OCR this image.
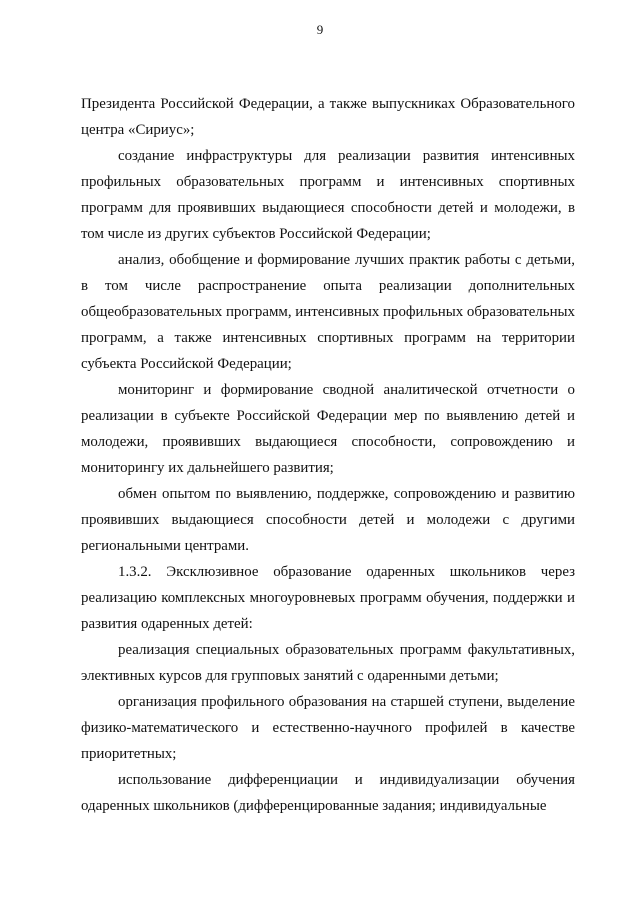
9

Президента Российской Федерации, а также выпускниках Образовательного центра «Сириус»;

создание инфраструктуры для реализации развития интенсивных профильных образовательных программ и интенсивных спортивных программ для проявивших выдающиеся способности детей и молодежи, в том числе из других субъектов Российской Федерации;

анализ, обобщение и формирование лучших практик работы с детьми, в том числе распространение опыта реализации дополнительных общеобразовательных программ, интенсивных профильных образовательных программ, а также интенсивных спортивных программ на территории субъекта Российской Федерации;

мониторинг и формирование сводной аналитической отчетности о реализации в субъекте Российской Федерации мер по выявлению детей и молодежи, проявивших выдающиеся способности, сопровождению и мониторингу их дальнейшего развития;

обмен опытом по выявлению, поддержке, сопровождению и развитию проявивших выдающиеся способности детей и молодежи с другими региональными центрами.

1.3.2. Эксклюзивное образование одаренных школьников через реализацию комплексных многоуровневых программ обучения, поддержки и развития одаренных детей:

реализация специальных образовательных программ факультативных, элективных курсов для групповых занятий с одаренными детьми;

организация профильного образования на старшей ступени, выделение физико-математического и естественно-научного профилей в качестве приоритетных;

использование дифференциации и индивидуализации обучения одаренных школьников (дифференцированные задания; индивидуальные
